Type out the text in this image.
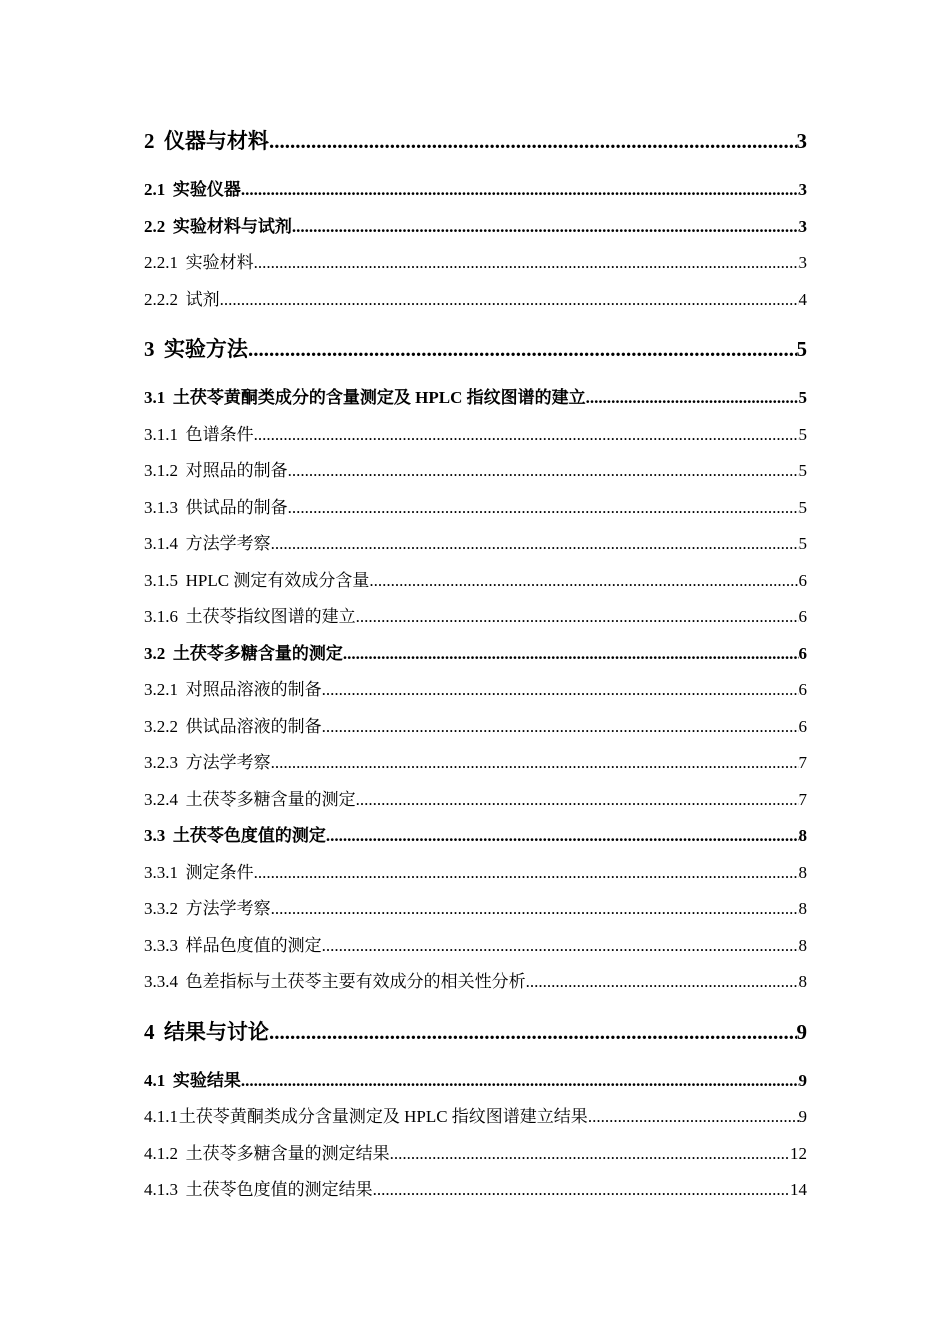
2 仪器与材料 .....	3
2.1 实验仪器 .....	3
2.2 实验材料与试剂 .....	3
2.2.1 实验材料 .....	3
2.2.2 试剂 .....	4
3 实验方法 .....	5
3.1 土茯苓黄酮类成分的含量测定及 HPLC 指纹图谱的建立 .....	5
3.1.1 色谱条件 .....	5
3.1.2 对照品的制备 .....	5
3.1.3 供试品的制备 .....	5
3.1.4 方法学考察 .....	5
3.1.5 HPLC 测定有效成分含量 .....	6
3.1.6 土茯苓指纹图谱的建立 .....	6
3.2 土茯苓多糖含量的测定 .....	6
3.2.1 对照品溶液的制备 .....	6
3.2.2 供试品溶液的制备 .....	6
3.2.3 方法学考察 .....	7
3.2.4 土茯苓多糖含量的测定 .....	7
3.3 土茯苓色度值的测定 .....	8
3.3.1 测定条件 .....	8
3.3.2 方法学考察 .....	8
3.3.3 样品色度值的测定 .....	8
3.3.4 色差指标与土茯苓主要有效成分的相关性分析 .....	8
4 结果与讨论 .....	9
4.1 实验结果 .....	9
4.1.1 土茯苓黄酮类成分含量测定及 HPLC 指纹图谱建立结果 .....	9
4.1.2 土茯苓多糖含量的测定结果 .....	12
4.1.3 土茯苓色度值的测定结果 .....	14
